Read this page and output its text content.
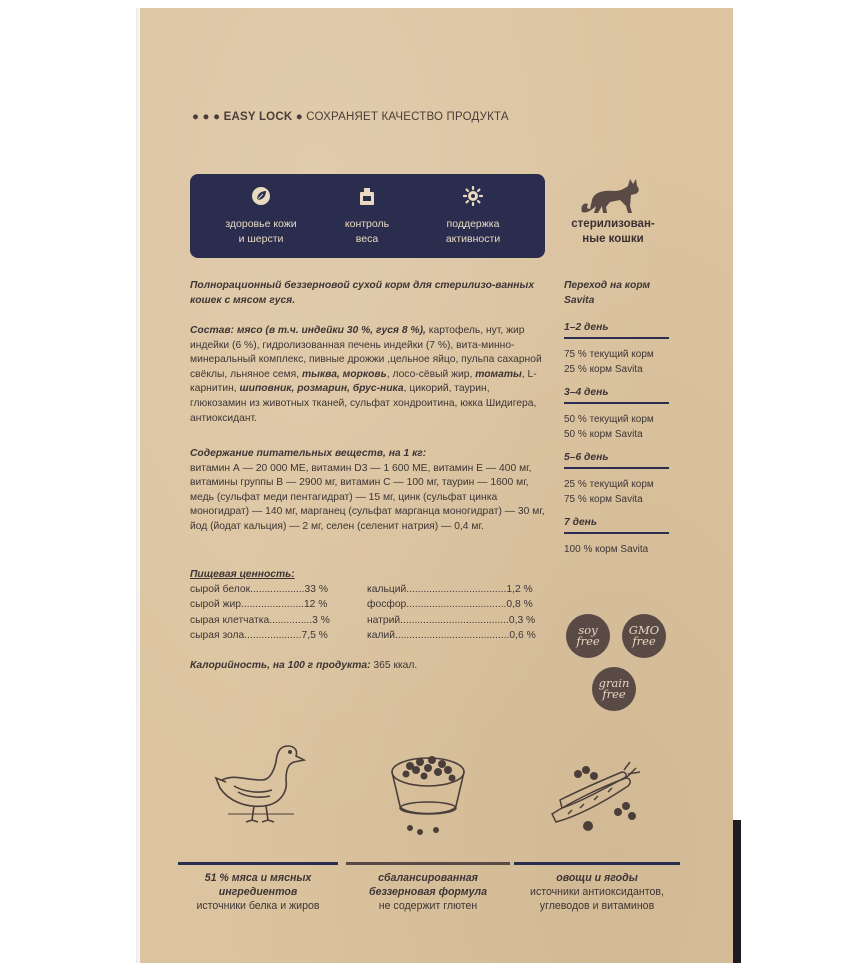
● ● ● EASY LOCK ● СОХРАНЯЕТ КАЧЕСТВО ПРОДУКТА
здоровье кожи
и шерсти
контроль
веса
поддержка
активности
стерилизован-
ные кошки
Полнорационный беззерновой сухой корм для стерилизо-ванных кошек с мясом гуся.
Состав: мясо (в т.ч. индейки 30 %, гуся 8 %), картофель, нут, жир индейки (6 %), гидролизованная печень индейки (7 %), вита-минно-минеральный комплекс, пивные дрожжи ,цельное яйцо, пульпа сахарной свёклы, льняное семя, тыква, морковь, лосо-сёвый жир, томаты, L-карнитин, шиповник, розмарин, брус-ника, цикорий, таурин, глюкозамин из животных тканей, сульфат хондроитина, юкка Шидигера, антиоксидант.
Содержание питательных веществ, на 1 кг:
витамин А — 20 000 МЕ, витамин D3 — 1 600 МЕ, витамин Е — 400 мг, витамины группы В — 2900 мг, витамин С — 100 мг, таурин — 1600 мг, медь (сульфат меди пентагидрат) — 15 мг, цинк (сульфат цинка моногидрат) — 140 мг, марганец (сульфат марганца моногидрат) — 30 мг, йод (йодат кальция) — 2 мг, селен (селенит натрия) — 0,4 мг.
Пищевая ценность:
сырой белок...................33 %
сырой жир......................12 %
сырая клетчатка...............3 %
сырая зола....................7,5 %
кальций...................................1,2 %
фосфор...................................0,8 %
натрий......................................0,3 %
калий........................................0,6 %
Калорийность, на 100 г продукта: 365 ккал.
Переход на корм Savita
1–2 день
75 % текущий корм
25 % корм Savita
3–4 день
50 % текущий корм
50 % корм Savita
5–6 день
25 % текущий корм
75 % корм Savita
7 день
100 % корм Savita
soy
free
GMO
free
grain
free
51 % мяса и мясных
ингредиентов
источники белка и жиров
сбалансированная
беззерновая формула
не содержит глютен
овощи и ягоды
источники антиоксидантов,
углеводов и витаминов
